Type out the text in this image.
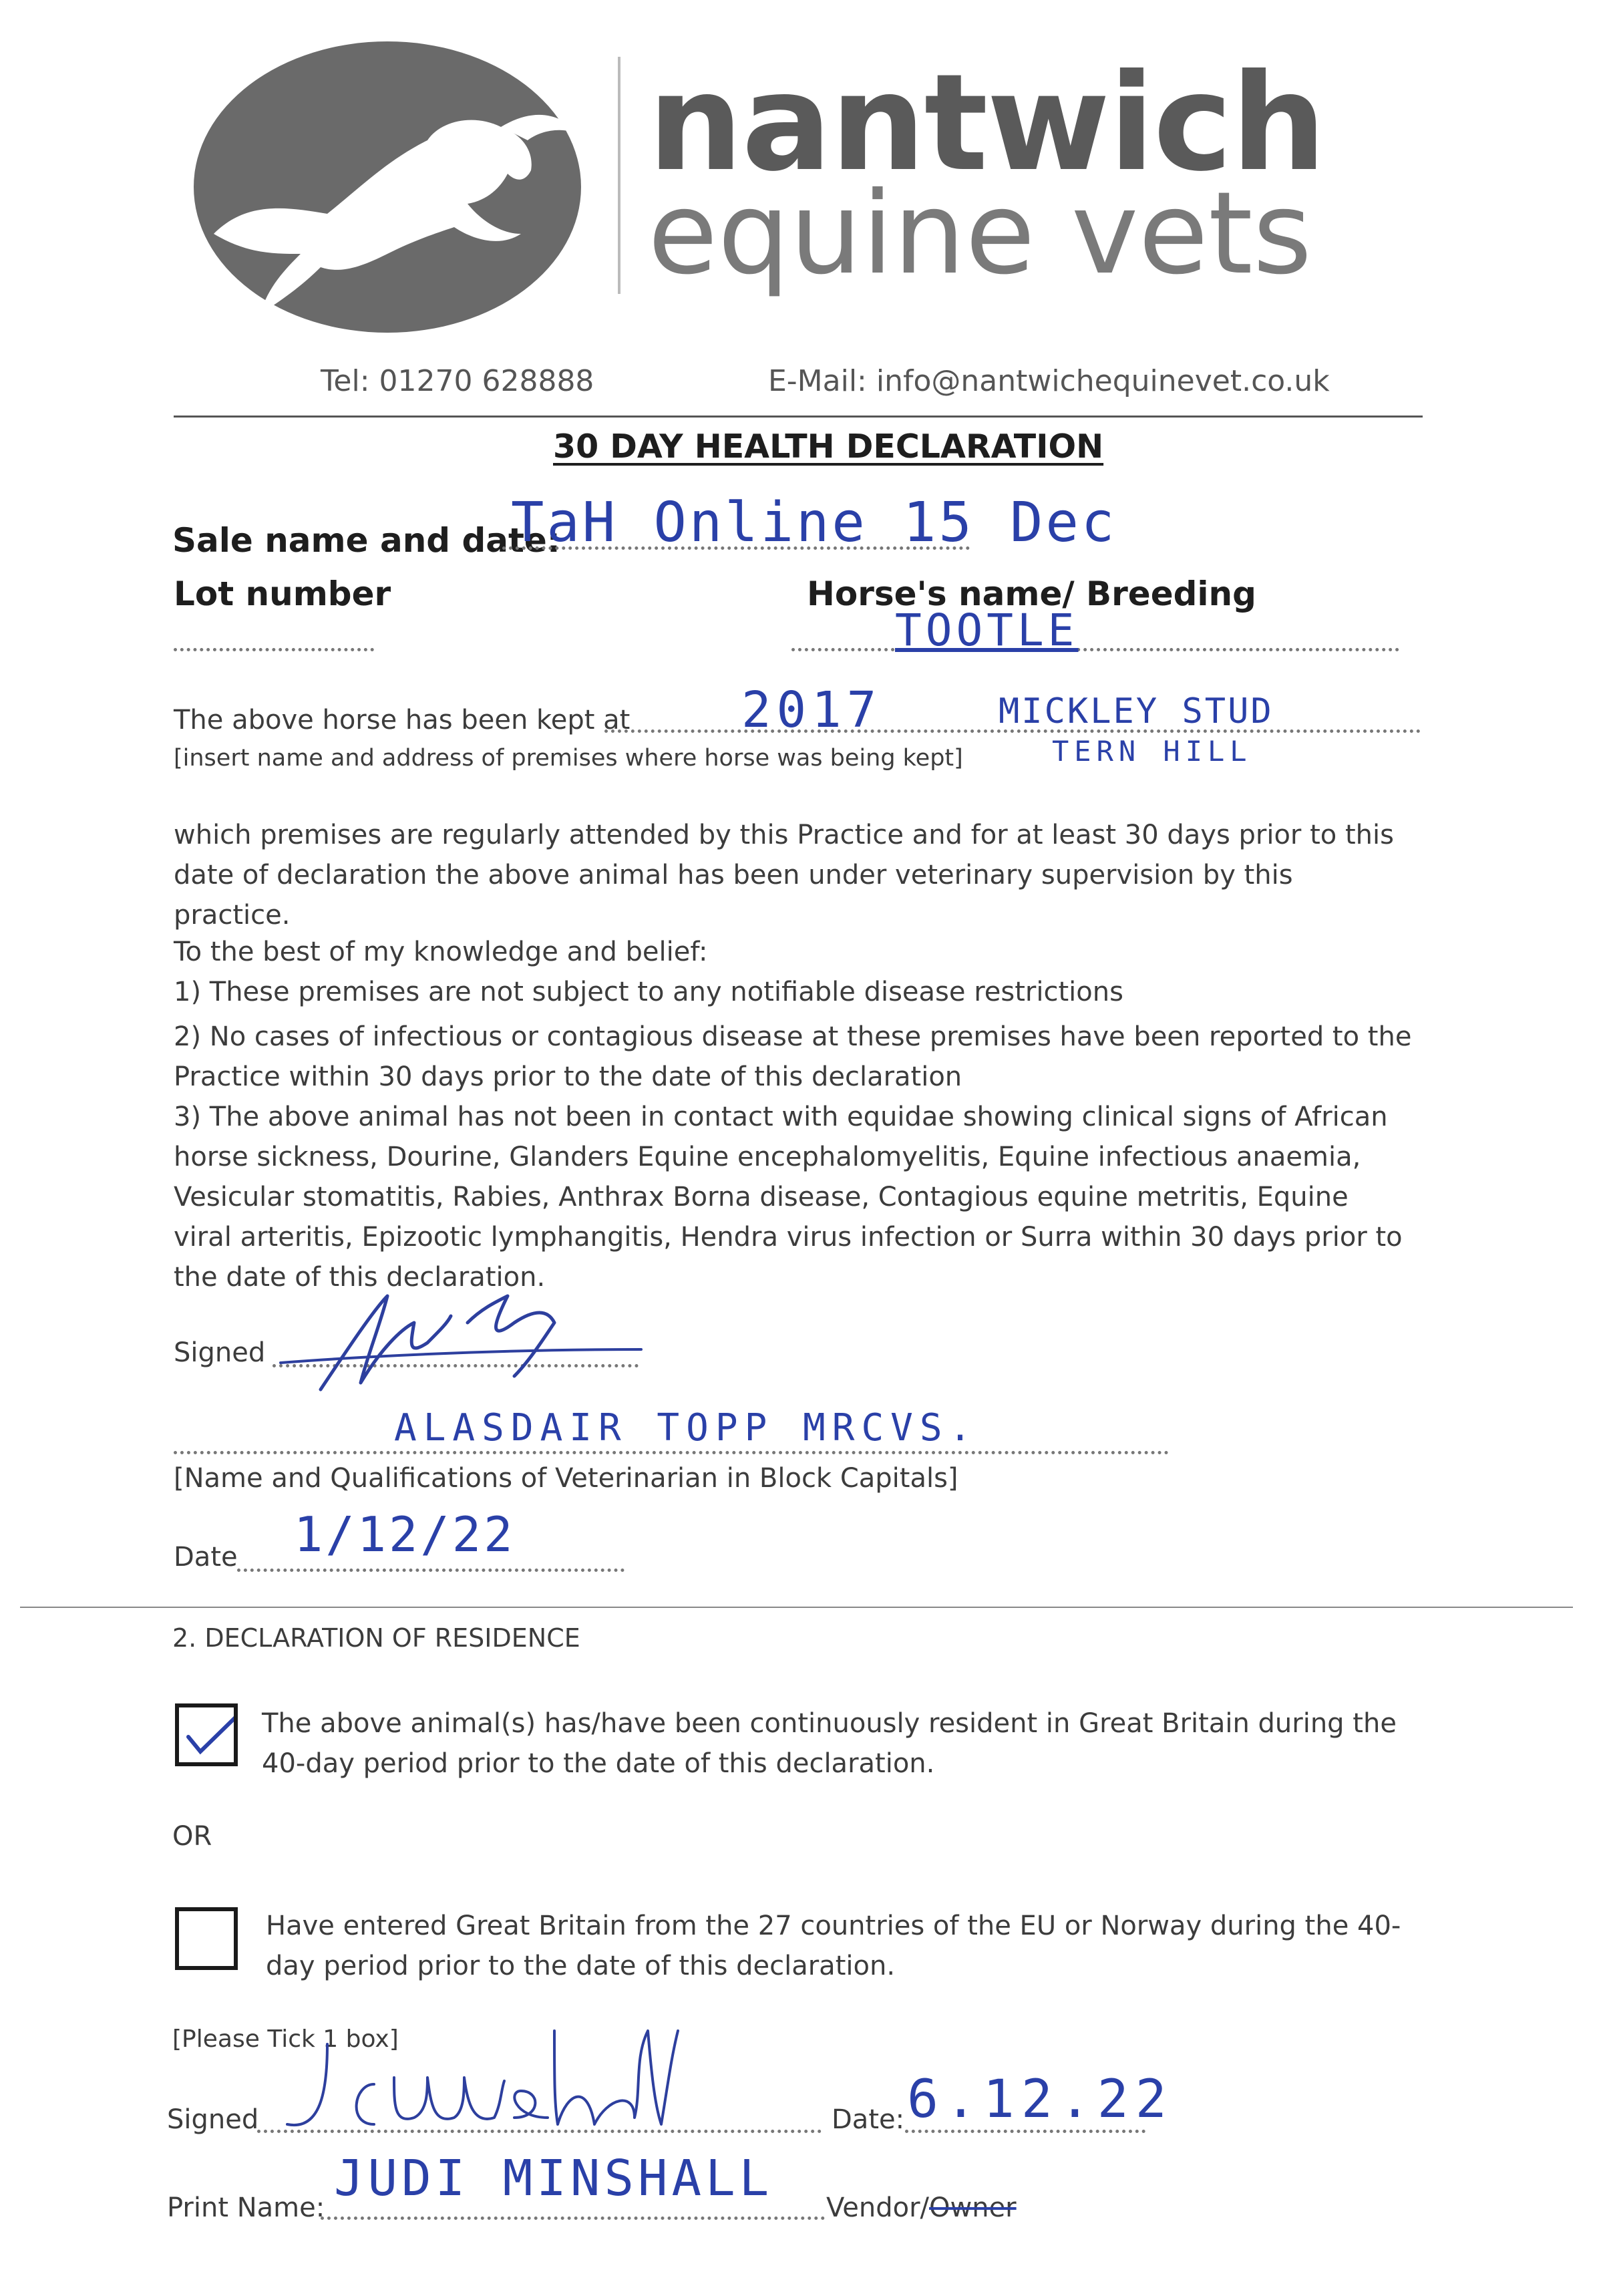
nantwich
equine vets
Tel: 01270 628888	E-Mail: info@nantwichequinevet.co.uk
30 DAY HEALTH DECLARATION
Sale name and date:
TaH Online 15 Dec
Lot number	Horse's name/ Breeding
TOOTLE
The above horse has been kept at 2017	MICKLEY STUD
TERN HILL
[insert name and address of premises where horse was being kept]
which premises are regularly attended by this Practice and for at least 30 days prior to this date of declaration the above animal has been under veterinary supervision by this practice.
To the best of my knowledge and belief:
1) These premises are not subject to any notifiable disease restrictions
2) No cases of infectious or contagious disease at these premises have been reported to the Practice within 30 days prior to the date of this declaration
3) The above animal has not been in contact with equidae showing clinical signs of African horse sickness, Dourine, Glanders Equine encephalomyelitis, Equine infectious anaemia, Vesicular stomatitis, Rabies, Anthrax Borna disease, Contagious equine metritis, Equine viral arteritis, Epizootic lymphangitis, Hendra virus infection or Surra within 30 days prior to the date of this declaration.
Signed
ALASDAIR TOPP MRCVS.
[Name and Qualifications of Veterinarian in Block Capitals]
Date 1/12/22
2. DECLARATION OF RESIDENCE
The above animal(s) has/have been continuously resident in Great Britain during the 40-day period prior to the date of this declaration.
OR
Have entered Great Britain from the 27 countries of the EU or Norway during the 40-day period prior to the date of this declaration.
[Please Tick 1 box]
Signed	Date: 6.12.22
Print Name:
JUDI MINSHALL
Vendor/Owner
